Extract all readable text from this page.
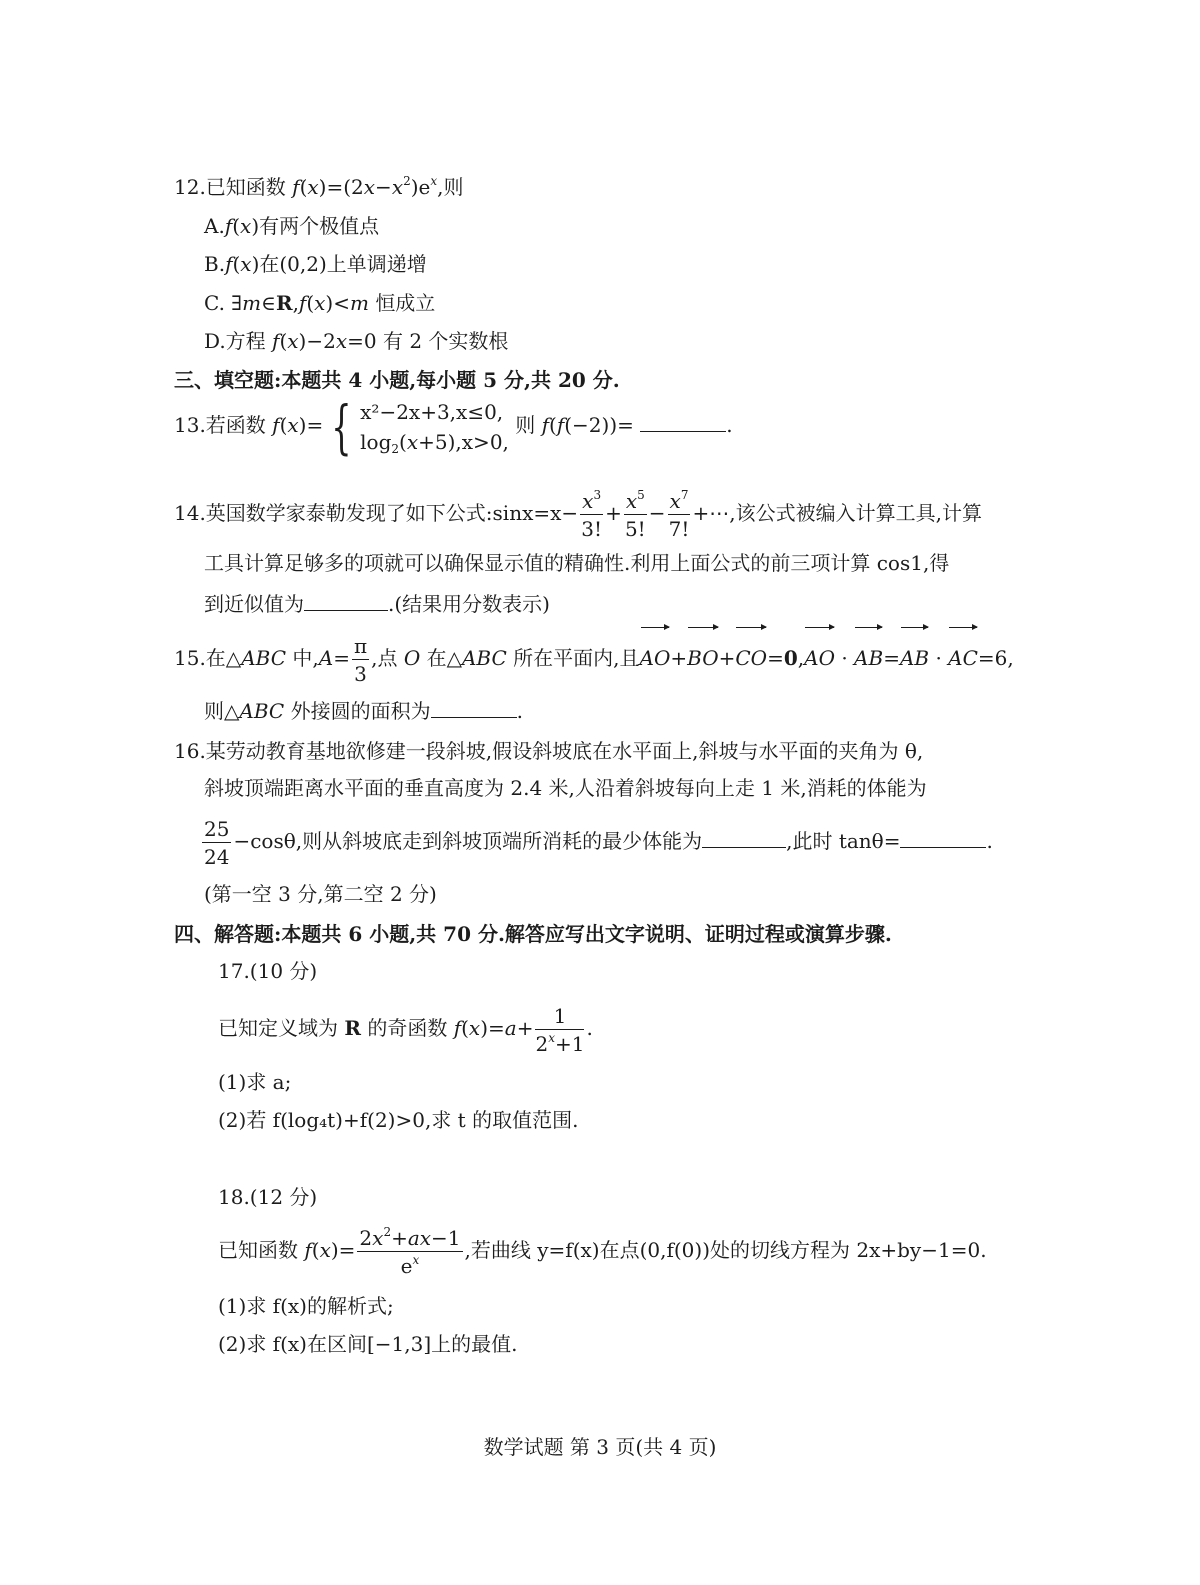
12.已知函数 $f(x)=(2x-x^2)e^x$,则
A.f(x)有两个极值点
B.f(x)在(0,2)上单调递增
C. ∃m∈R,f(x)<m 恒成立
D.方程 f(x)−2x=0 有 2 个实数根
三、填空题:本题共 4 小题,每小题 5 分,共 20 分.
13.若函数 f(x)= { x²−2x+3,x≤0,
$\log_2(x+5),x>0$,
则 f(f(−2))=	.
14.英国数学家泰勒发现了如下公式:sinx=x− $\frac{x^3}{3!} + \frac{x^5}{5!} - \frac{x^7}{7!}$ +⋯,该公式被编入计算工具,计算
工具计算足够多的项就可以确保显示值的精确性.利用上面公式的前三项计算 cos1,得
到近似值为	.(结果用分数表示)
15.在△ABC 中$,A= \frac{\pi}{3}$ ,点 O 在△ABC 所在平面内,且AO+BO+CO=0,AO · AB=AB · AC=6,
则△ABC 外接圆的面积为	.
16.某劳动教育基地欲修建一段斜坡,假设斜坡底在水平面上,斜坡与水平面的夹角为 θ,
斜坡顶端距离水平面的垂直高度为 2.4 米,人沿着斜坡每向上走 1 米,消耗的体能为
$\frac{25}{24} -\cos\theta$,则从斜坡底走到斜坡顶端所消耗的最少体能为	,此时 tanθ=	.
(第一空 3 分,第二空 2 分)
四、解答题:本题共 6 小题,共 70 分.解答应写出文字说明、证明过程或演算步骤.
17.(10 分)
已知定义域为 R 的奇函数 $f(x)=a+ \frac{1}{2^x+1}$ .
(1)求 a;
(2)若 f(log₄t)+f(2)>0,求 t 的取值范围.
18.(12 分)
已知函数 $f(x)= \frac{2x^2+ax-1}{e^x}$ ,若曲线 y=f(x)在点(0,f(0))处的切线方程为 2x+by−1=0.
(1)求 f(x)的解析式;
(2)求 f(x)在区间[−1,3]上的最值.
数学试题 第 3 页(共 4 页)
